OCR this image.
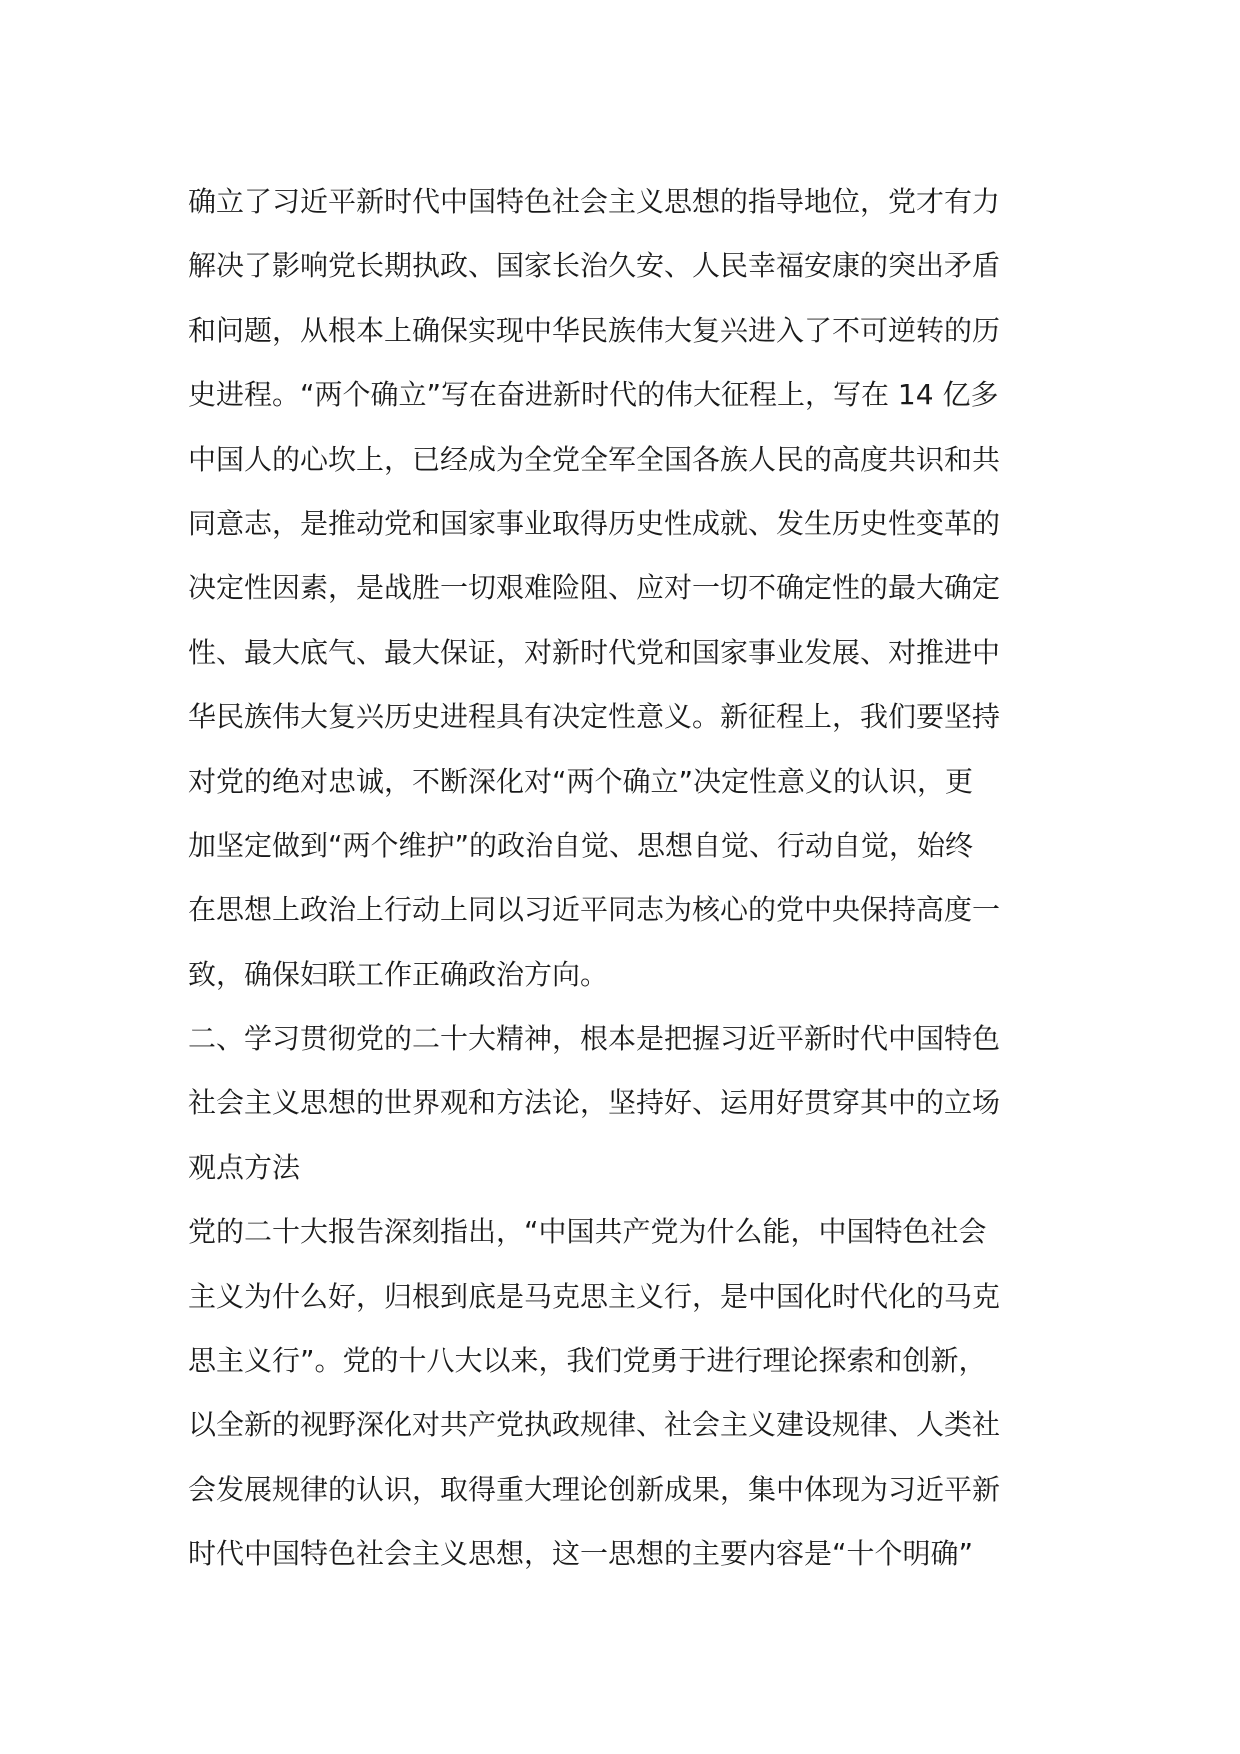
确立了习近平新时代中国特色社会主义思想的指导地位，党才有力
解决了影响党长期执政、国家长治久安、人民幸福安康的突出矛盾
和问题，从根本上确保实现中华民族伟大复兴进入了不可逆转的历
史进程。“两个确立”写在奋进新时代的伟大征程上，写在 14 亿多
中国人的心坎上，已经成为全党全军全国各族人民的高度共识和共
同意志，是推动党和国家事业取得历史性成就、发生历史性变革的
决定性因素，是战胜一切艰难险阻、应对一切不确定性的最大确定
性、最大底气、最大保证，对新时代党和国家事业发展、对推进中
华民族伟大复兴历史进程具有决定性意义。新征程上，我们要坚持
对党的绝对忠诚，不断深化对“两个确立”决定性意义的认识，更
加坚定做到“两个维护”的政治自觉、思想自觉、行动自觉，始终
在思想上政治上行动上同以习近平同志为核心的党中央保持高度一
致，确保妇联工作正确政治方向。
二、学习贯彻党的二十大精神，根本是把握习近平新时代中国特色
社会主义思想的世界观和方法论，坚持好、运用好贯穿其中的立场
观点方法
党的二十大报告深刻指出，“中国共产党为什么能，中国特色社会
主义为什么好，归根到底是马克思主义行，是中国化时代化的马克
思主义行”。党的十八大以来，我们党勇于进行理论探索和创新，
以全新的视野深化对共产党执政规律、社会主义建设规律、人类社
会发展规律的认识，取得重大理论创新成果，集中体现为习近平新
时代中国特色社会主义思想，这一思想的主要内容是“十个明确”
